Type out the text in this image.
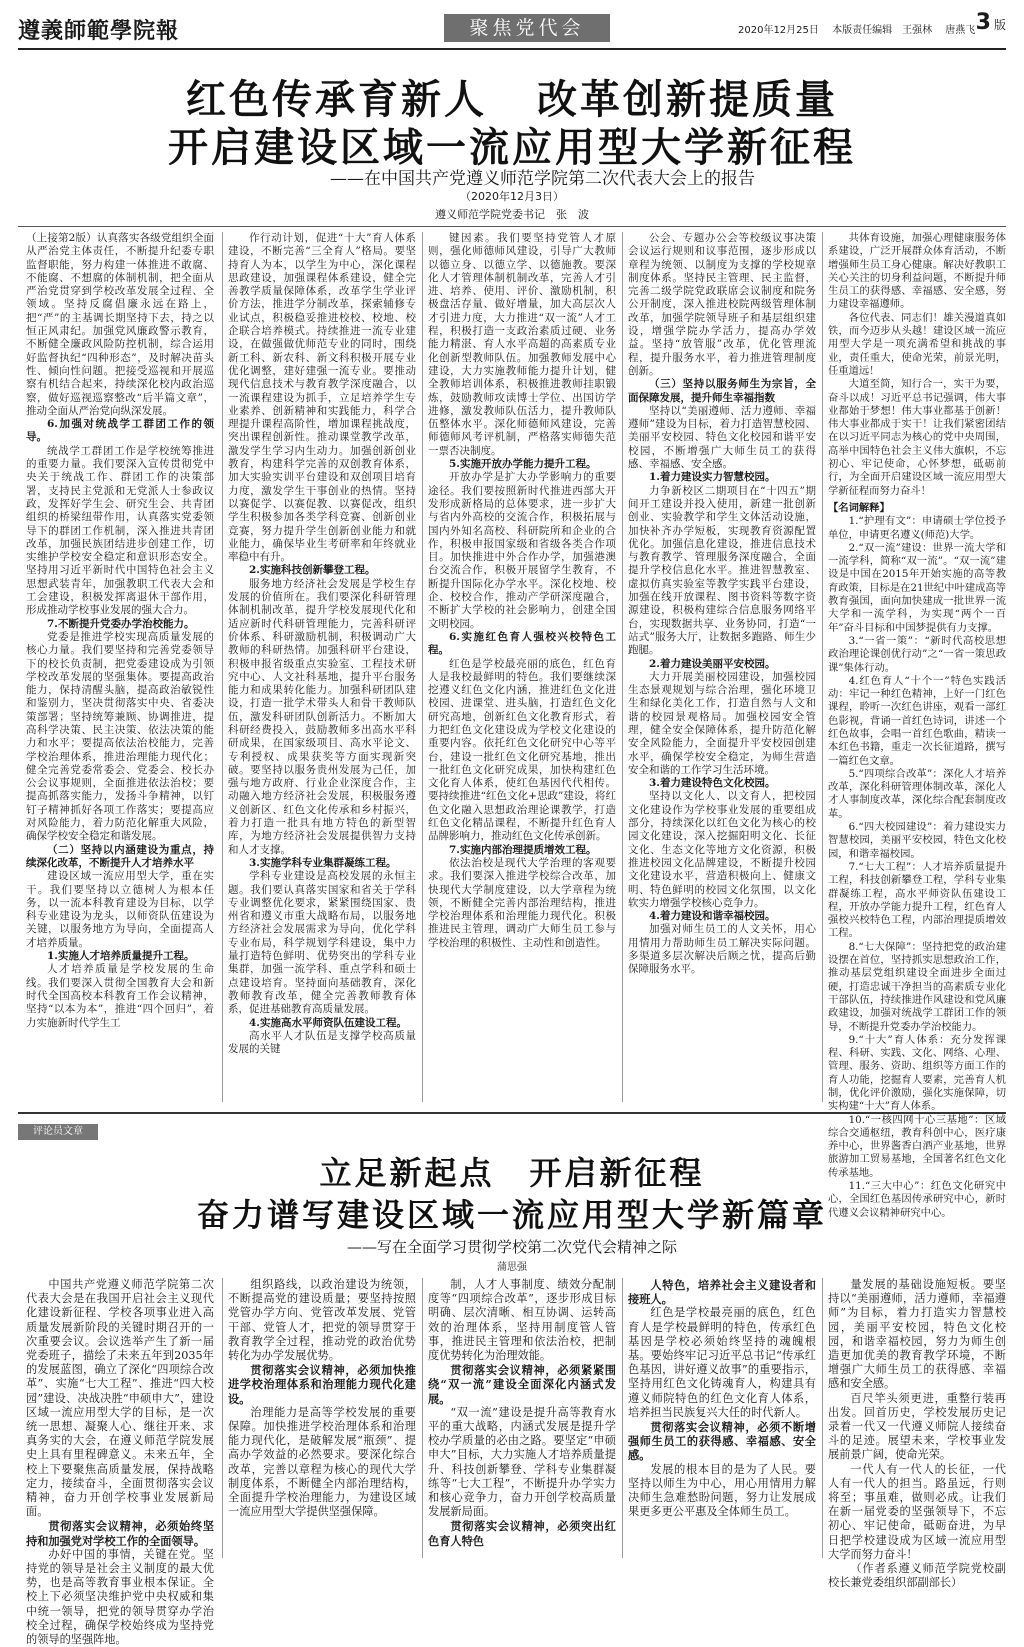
遵義師範學院報	聚焦党代会	2020年12月25日 本版责任编辑　王强林 唐燕飞 3 版
红色传承育新人 改革创新提质量
开启建设区域一流应用型大学新征程
——在中国共产党遵义师范学院第二次代表大会上的报告
（2020年12月3日）
遵义师范学院党委书记　张　波

（上接第2版）认真落实各级党组织全面从严治党主体责任，不断提升纪委专职监督职能，努力构建一体推进不敢腐、不能腐、不想腐的体制机制，把全面从严治党贯穿到学校改革发展全过程、全领域。坚持反腐倡廉永远在路上，把“严”的主基调长期坚持下去，持之以恒正风肃纪。加强党风廉政警示教育，不断健全廉政风险防控机制，综合运用好监督执纪“四种形态”，及时解决苗头性、倾向性问题。把接受巡视和开展巡察有机结合起来，持续深化校内政治巡察，做好巡视巡察整改“后半篇文章”，推动全面从严治党向纵深发展。

6.加强对统战学工群团工作的领导。

统战学工群团工作是学校统筹推进的重要力量。我们要深入宣传贯彻党中央关于统战工作、群团工作的决策部署，支持民主党派和无党派人士参政议政，发挥好学生会、研究生会、共青团组织的桥梁纽带作用，认真落实党委领导下的群团工作机制，深入推进共青团改革，加强民族团结进步创建工作，切实维护学校安全稳定和意识形态安全。坚持用习近平新时代中国特色社会主义思想武装青年，加强教职工代表大会和工会建设，积极发挥离退休干部作用，形成推动学校事业发展的强大合力。

7.不断提升党委办学治校能力。

党委是推进学校实现高质量发展的核心力量。我们要坚持和完善党委领导下的校长负责制，把党委建设成为引领学校改革发展的坚强集体。要提高政治能力，保持清醒头脑，提高政治敏锐性和鉴别力，坚决贯彻落实中央、省委决策部署；坚持统筹兼顾、协调推进，提高科学决策、民主决策、依法决策的能力和水平；要提高依法治校能力，完善学校治理体系，推进治理能力现代化；健全完善党委常委会、党委会、校长办公会议事规则，全面推进依法治校；要提高抓落实能力，发扬斗争精神，以钉钉子精神抓好各项工作落实；要提高应对风险能力，着力防范化解重大风险，确保学校安全稳定和谐发展。

（二）坚持以内涵建设为重点，持续深化改革，不断提升人才培养水平

建设区域一流应用型大学，重在实干。我们要坚持以立德树人为根本任务，以一流本科教育建设为目标，以学科专业建设为龙头，以师资队伍建设为关键，以服务地方为导向，全面提高人才培养质量。

1.实施人才培养质量提升工程。

人才培养质量是学校发展的生命线。我们要深入贯彻全国教育大会和新时代全国高校本科教育工作会议精神，坚持“以本为本”，推进“四个回归”，着力实施新时代学生工

作行动计划，促进“十大”育人体系建设，不断完善“三全育人”格局。要坚持育人为本，以学生为中心，深化课程思政建设，加强课程体系建设，健全完善教学质量保障体系，改革学生学业评价方法，推进学分制改革，探索辅修专业试点，积极稳妥推进校校、校地、校企联合培养模式。持续推进一流专业建设，在做强做优师范专业的同时，围绕新工科、新农科、新文科积极开展专业优化调整，建好建强一流专业。要推动现代信息技术与教育教学深度融合，以一流课程建设为抓手，立足培养学生专业素养、创新精神和实践能力，科学合理提升课程高阶性，增加课程挑战度，突出课程创新性。推动课堂教学改革，激发学生学习内生动力。加强创新创业教育，构建科学完善的双创教育体系，加大实验实训平台建设和双创项目培育力度，激发学生干事创业的热情。坚持以赛促学、以赛促教、以赛促改，组织学生积极参加各类学科竞赛、创新创业竞赛，努力提升学生创新创业能力和就业能力，确保毕业生考研率和年终就业率稳中有升。

2.实施科技创新攀登工程。

服务地方经济社会发展是学校生存发展的价值所在。我们要深化科研管理体制机制改革，提升学校发展现代化和适应新时代科研管理能力，完善科研评价体系、科研激励机制，积极调动广大教师的科研热情。加强科研平台建设，积极申报省级重点实验室、工程技术研究中心、人文社科基地，提升平台服务能力和成果转化能力。加强科研团队建设，打造一批学术带头人和骨干教师队伍，激发科研团队创新活力。不断加大科研经费投入，鼓励教师多出高水平科研成果，在国家级项目、高水平论文、专利授权、成果获奖等方面实现新突破。要坚持以服务贵州发展为己任，加强与地方政府、行业企业深度合作，主动融入地方经济社会发展，积极服务遵义创新区、红色文化传承和乡村振兴，着力打造一批具有地方特色的新型智库，为地方经济社会发展提供智力支持和人才支撑。

3.实施学科专业集群凝练工程。

学科专业建设是高校发展的永恒主题。我们要认真落实国家和省关于学科专业调整优化要求，紧紧围绕国家、贵州省和遵义市重大战略布局，以服务地方经济社会发展需求为导向，优化学科专业布局，科学规划学科建设，集中力量打造特色鲜明、优势突出的学科专业集群，加强一流学科、重点学科和硕士点建设培育。坚持面向基础教育，深化教师教育改革，健全完善教师教育体系，促进基础教育高质量发展。

4.实施高水平师资队伍建设工程。

高水平人才队伍是支撑学校高质量发展的关键

键因素。我们要坚持党管人才原则，强化师德师风建设，引导广大教师以德立身、以德立学、以德施教。要深化人才管理体制机制改革，完善人才引进、培养、使用、评价、激励机制，积极盘活存量、做好增量，加大高层次人才引进力度，大力推进“双一流”人才工程，积极打造一支政治素质过硬、业务能力精湛、育人水平高超的高素质专业化创新型教师队伍。加强教师发展中心建设，大力实施教师能力提升计划，健全教师培训体系，积极推进教师挂职锻炼，鼓励教师攻读博士学位、出国访学进修，激发教师队伍活力，提升教师队伍整体水平。深化师德师风建设，完善师德师风考评机制，严格落实师德失范一票否决制度。

5.实施开放办学能力提升工程。

开放办学是扩大办学影响力的重要途径。我们要按照新时代推进西部大开发形成新格局的总体要求，进一步扩大与省内外高校的交流合作，积极拓展与国内外知名高校、科研院所和企业的合作，积极申报国家级和省级各类合作项目。加快推进中外合作办学，加强港澳台交流合作，积极开展留学生教育，不断提升国际化办学水平。深化校地、校企、校校合作，推动产学研深度融合，不断扩大学校的社会影响力，创建全国文明校园。

6.实施红色育人强校兴校特色工程。

红色是学校最亮丽的底色，红色育人是我校最鲜明的特色。我们要继续深挖遵义红色文化内涵，推进红色文化进校园、进课堂、进头脑，打造红色文化研究高地，创新红色文化教育形式，着力把红色文化建设成为学校文化建设的重要内容。依托红色文化研究中心等平台，建设一批红色文化研究基地，推出一批红色文化研究成果，加快构建红色文化育人体系，使红色基因代代相传。要持续推进“红色文化+思政”建设，将红色文化融入思想政治理论课教学，打造红色文化精品课程，不断提升红色育人品牌影响力，推动红色文化传承创新。

7.实施内部治理提质增效工程。

依法治校是现代大学治理的客观要求。我们要深入推进学校综合改革，加快现代大学制度建设，以大学章程为统领，不断健全完善内部治理结构，推进学校治理体系和治理能力现代化。积极推进民主管理，调动广大师生员工参与学校治理的积极性、主动性和创造性。

公会、专题办公会等校级议事决策会议运行规则和议事范围，逐步形成以章程为统领、以制度为支撑的学校规章制度体系。坚持民主管理、民主监督，完善二级学院党政联席会议制度和院务公开制度，深入推进校院两级管理体制改革，加强学院领导班子和基层组织建设，增强学院办学活力，提高办学效益。坚持“放管服”改革，优化管理流程，提升服务水平，着力推进管理制度创新。

（三）坚持以服务师生为宗旨，全面保障发展，提升师生幸福指数

坚持以“美丽遵师、活力遵师、幸福遵师”建设为目标，着力打造智慧校园、美丽平安校园、特色文化校园和谐平安校园，不断增强广大师生员工的获得感、幸福感、安全感。

1.着力建设实力智慧校园。

力争新校区二期项目在“十四五”期间开工建设并投入使用，新建一批创新创业、实验教学和学生文体活动设施，加快补齐办学短板，实现教育资源配置优化。加强信息化建设，推进信息技术与教育教学、管理服务深度融合，全面提升学校信息化水平。推进智慧教室、虚拟仿真实验室等教学实践平台建设，加强在线开放课程、图书资料等数字资源建设，积极构建综合信息服务网络平台，实现数据共享、业务协同，打造“一站式”服务大厅，让数据多跑路、师生少跑腿。

2.着力建设美丽平安校园。

大力开展美丽校园建设，加强校园生态景观规划与综合治理，强化环境卫生和绿化美化工作，打造自然与人文和谐的校园景观格局。加强校园安全管理，健全安全保障体系，提升防范化解安全风险能力，全面提升平安校园创建水平，确保学校安全稳定，为师生营造安全和谐的工作学习生活环境。

3.着力建设特色文化校园。

坚持以文化人、以文育人，把校园文化建设作为学校事业发展的重要组成部分，持续深化以红色文化为核心的校园文化建设，深入挖掘阳明文化、长征文化、生态文化等地方文化资源，积极推进校园文化品牌建设，不断提升校园文化建设水平，营造积极向上、健康文明、特色鲜明的校园文化氛围，以文化软实力增强学校核心竞争力。

4.着力建设和谐幸福校园。

加强对师生员工的人文关怀，用心用情用力帮助师生员工解决实际问题。多渠道多层次解决后顾之忧，提高后勤保障服务水平。

共体育设施，加强心理健康服务体系建设，广泛开展群众体育活动，不断增强师生员工身心健康。解决好教职工关心关注的切身利益问题，不断提升师生员工的获得感、幸福感、安全感，努力建设幸福遵师。

各位代表、同志们！雄关漫道真如铁，而今迈步从头越！建设区域一流应用型大学是一项充满希望和挑战的事业，责任重大，使命光荣，前景光明，任重道远！

大道至简，知行合一，实干为要，奋斗以成！习近平总书记强调，伟大事业都始于梦想！伟大事业都基于创新！伟大事业都成于实干！让我们紧密团结在以习近平同志为核心的党中央周围，高举中国特色社会主义伟大旗帜，不忘初心、牢记使命，心怀梦想，砥砺前行，为全面开启建设区域一流应用型大学新征程而努力奋斗！

【名词解释】

1.“护理有文”：申请硕士学位授予单位，申请更名遵义(师范)大学。

2.“双一流”建设：世界一流大学和一流学科，简称“双一流”。“双一流”建设是中国在2015年开始实施的高等教育政策，目标是在21世纪中叶建成高等教育强国，面向加快建成一批世界一流大学和一流学科，为实现“两个一百年”奋斗目标和中国梦提供有力支撑。

3.“一省一策”：“新时代高校思想政治理论课创优行动”之“一省一策思政课”集体行动。

4.红色育人“十个一”特色实践活动：牢记一种红色精神，上好一门红色课程，聆听一次红色讲座，观看一部红色影视，背诵一首红色诗词，讲述一个红色故事，会唱一首红色歌曲，精读一本红色书籍，重走一次长征道路，撰写一篇红色文章。

5.“四项综合改革”：深化人才培养改革，深化科研管理体制改革，深化人才人事制度改革，深化综合配套制度改革。

6.“四大校园建设”：着力建设实力智慧校园，美丽平安校园，特色文化校园，和谐幸福校园。

7.“七大工程”：人才培养质量提升工程，科技创新攀登工程，学科专业集群凝练工程，高水平师资队伍建设工程，开放办学能力提升工程，红色育人强校兴校特色工程，内部治理提质增效工程。

8.“七大保障”：坚持把党的政治建设摆在首位，坚持抓实思想政治工作，推动基层党组织建设全面进步全面过硬，打造忠诚干净担当的高素质专业化干部队伍，持续推进作风建设和党风廉政建设，加强对统战学工群团工作的领导，不断提升党委办学治校能力。

9.“十大”育人体系：充分发挥课程、科研、实践、文化、网络、心理、管理、服务、资助、组织等方面工作的育人功能，挖掘育人要素，完善育人机制，优化评价激励，强化实施保障，切实构建“十大”育人体系。

10.“一核四网十心三基地”：区域综合交通枢纽，教育科创中心，医疗康养中心，世界酱香白酒产业基地，世界旅游加工贸易基地，全国著名红色文化传承基地。

11.“三大中心”：红色文化研究中心，全国红色基因传承研究中心，新时代遵义会议精神研究中心。

评论员文章
立足新起点　开启新征程
奋力谱写建设区域一流应用型大学新篇章
——写在全面学习贯彻学校第二次党代会精神之际
蒲思强

中国共产党遵义师范学院第二次代表大会是在我国开启社会主义现代化建设新征程、学校各项事业进入高质量发展新阶段的关键时期召开的一次重要会议。会议选举产生了新一届党委班子，描绘了未来五年到2035年的发展蓝图，确立了深化“四项综合改革”、实施“七大工程”、推进“四大校园”建设、决战决胜“申硕申大”，建设区域一流应用型大学的目标，是一次统一思想、凝聚人心、继往开来、求真务实的大会，在遵义师范学院发展史上具有里程碑意义。未来五年，全校上下要聚焦高质量发展，保持战略定力，接续奋斗，全面贯彻落实会议精神，奋力开创学校事业发展新局面。

贯彻落实会议精神，必须始终坚持和加强党对学校工作的全面领导。

办好中国的事情，关键在党。坚持党的领导是社会主义制度的最大优势，也是高等教育事业根本保证。全校上下必须坚决维护党中央权威和集中统一领导，把党的领导贯穿办学治校全过程，确保学校始终成为坚持党的领导的坚强阵地。

组织路线，以政治建设为统领，不断提高党的建设质量；要坚持按照党管办学方向、党管改革发展、党管干部、党管人才，把党的领导贯穿于教育教学全过程，推动党的政治优势转化为办学发展优势。

贯彻落实会议精神，必须加快推进学校治理体系和治理能力现代化建设。

治理能力是高等学校发展的重要保障。加快推进学校治理体系和治理能力现代化，是破解发展“瓶颈”、提高办学效益的必然要求。要深化综合改革，完善以章程为核心的现代大学制度体系，不断健全内部治理结构，全面提升学校治理能力，为建设区域一流应用型大学提供坚强保障。

制，人才人事制度、绩效分配制度等“四项综合改革”，逐步形成目标明确、层次清晰、相互协调、运转高效的治理体系，坚持用制度管人管事，推进民主管理和依法治校，把制度优势转化为治理效能。

贯彻落实会议精神，必须紧紧围绕“双一流”建设全面深化内涵式发展。

“双一流”建设是提升高等教育水平的重大战略，内涵式发展是提升学校办学质量的必由之路。要坚定“申硕申大”目标，大力实施人才培养质量提升、科技创新攀登、学科专业集群凝练等“七大工程”，不断提升办学实力和核心竞争力，奋力开创学校高质量发展新局面。

贯彻落实会议精神，必须突出红色育人特色

人特色，培养社会主义建设者和接班人。

红色是学校最亮丽的底色，红色育人是学校最鲜明的特色，传承红色基因是学校必须始终坚持的魂魄根基。要始终牢记习近平总书记“传承红色基因，讲好遵义故事”的重要指示，坚持用红色文化铸魂育人，构建具有遵义师院特色的红色文化育人体系，培养担当民族复兴大任的时代新人。

贯彻落实会议精神，必须不断增强师生员工的获得感、幸福感、安全感。

发展的根本目的是为了人民。要坚持以师生为中心，用心用情用力解决师生急难愁盼问题，努力让发展成果更多更公平惠及全体师生员工。

量发展的基础设施短板。要坚持以“美丽遵师，活力遵师，幸福遵师”为目标，着力打造实力智慧校园，美丽平安校园，特色文化校园，和谐幸福校园，努力为师生创造更加优美的教育教学环境，不断增强广大师生员工的获得感、幸福感和安全感。

百尺竿头须更进，重整行装再出发。回首历史，学校发展历史记录着一代又一代遵义师院人接续奋斗的足迹。展望未来，学校事业发展前景广阔，使命光荣。

一代人有一代人的长征，一代人有一代人的担当。路虽远，行则将至；事虽难，做则必成。让我们在新一届党委的坚强领导下，不忘初心、牢记使命，砥砺奋进，为早日把学校建设成为区域一流应用型大学而努力奋斗！

（作者系遵义师范学院党校副校长兼党委组织部副部长）
